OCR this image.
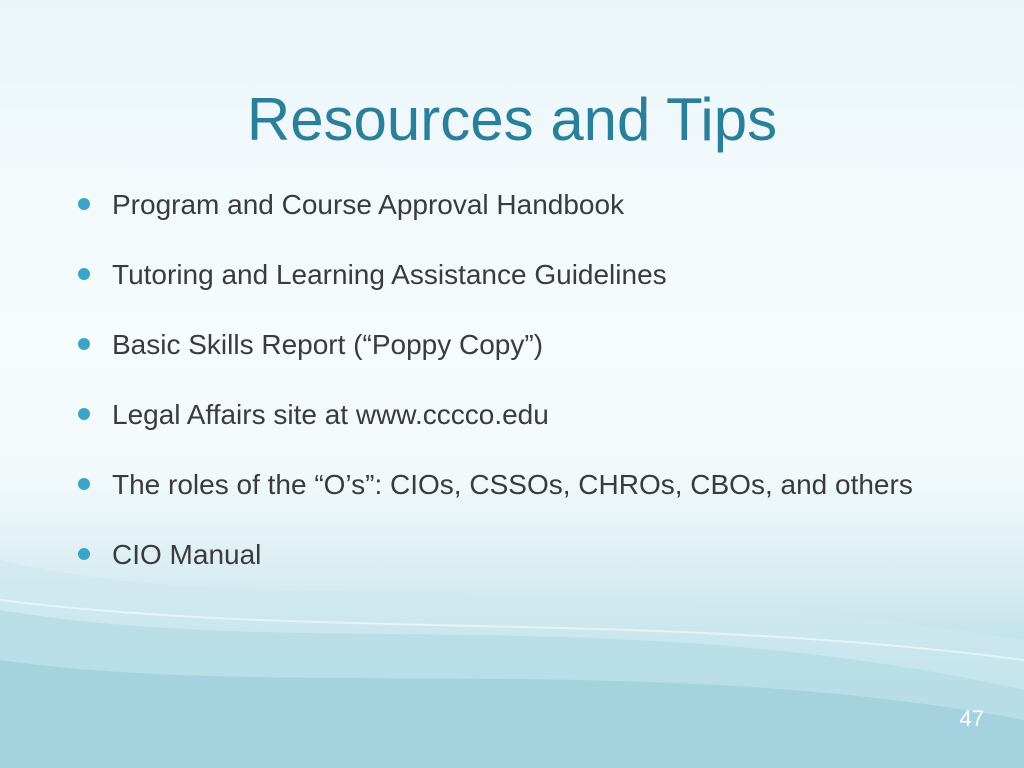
Resources and Tips
Program and Course Approval Handbook
Tutoring and Learning Assistance Guidelines
Basic Skills Report (“Poppy Copy”)
Legal Affairs site at www.cccco.edu
The roles of the “O’s”: CIOs, CSSOs, CHROs, CBOs, and others
CIO Manual
47
